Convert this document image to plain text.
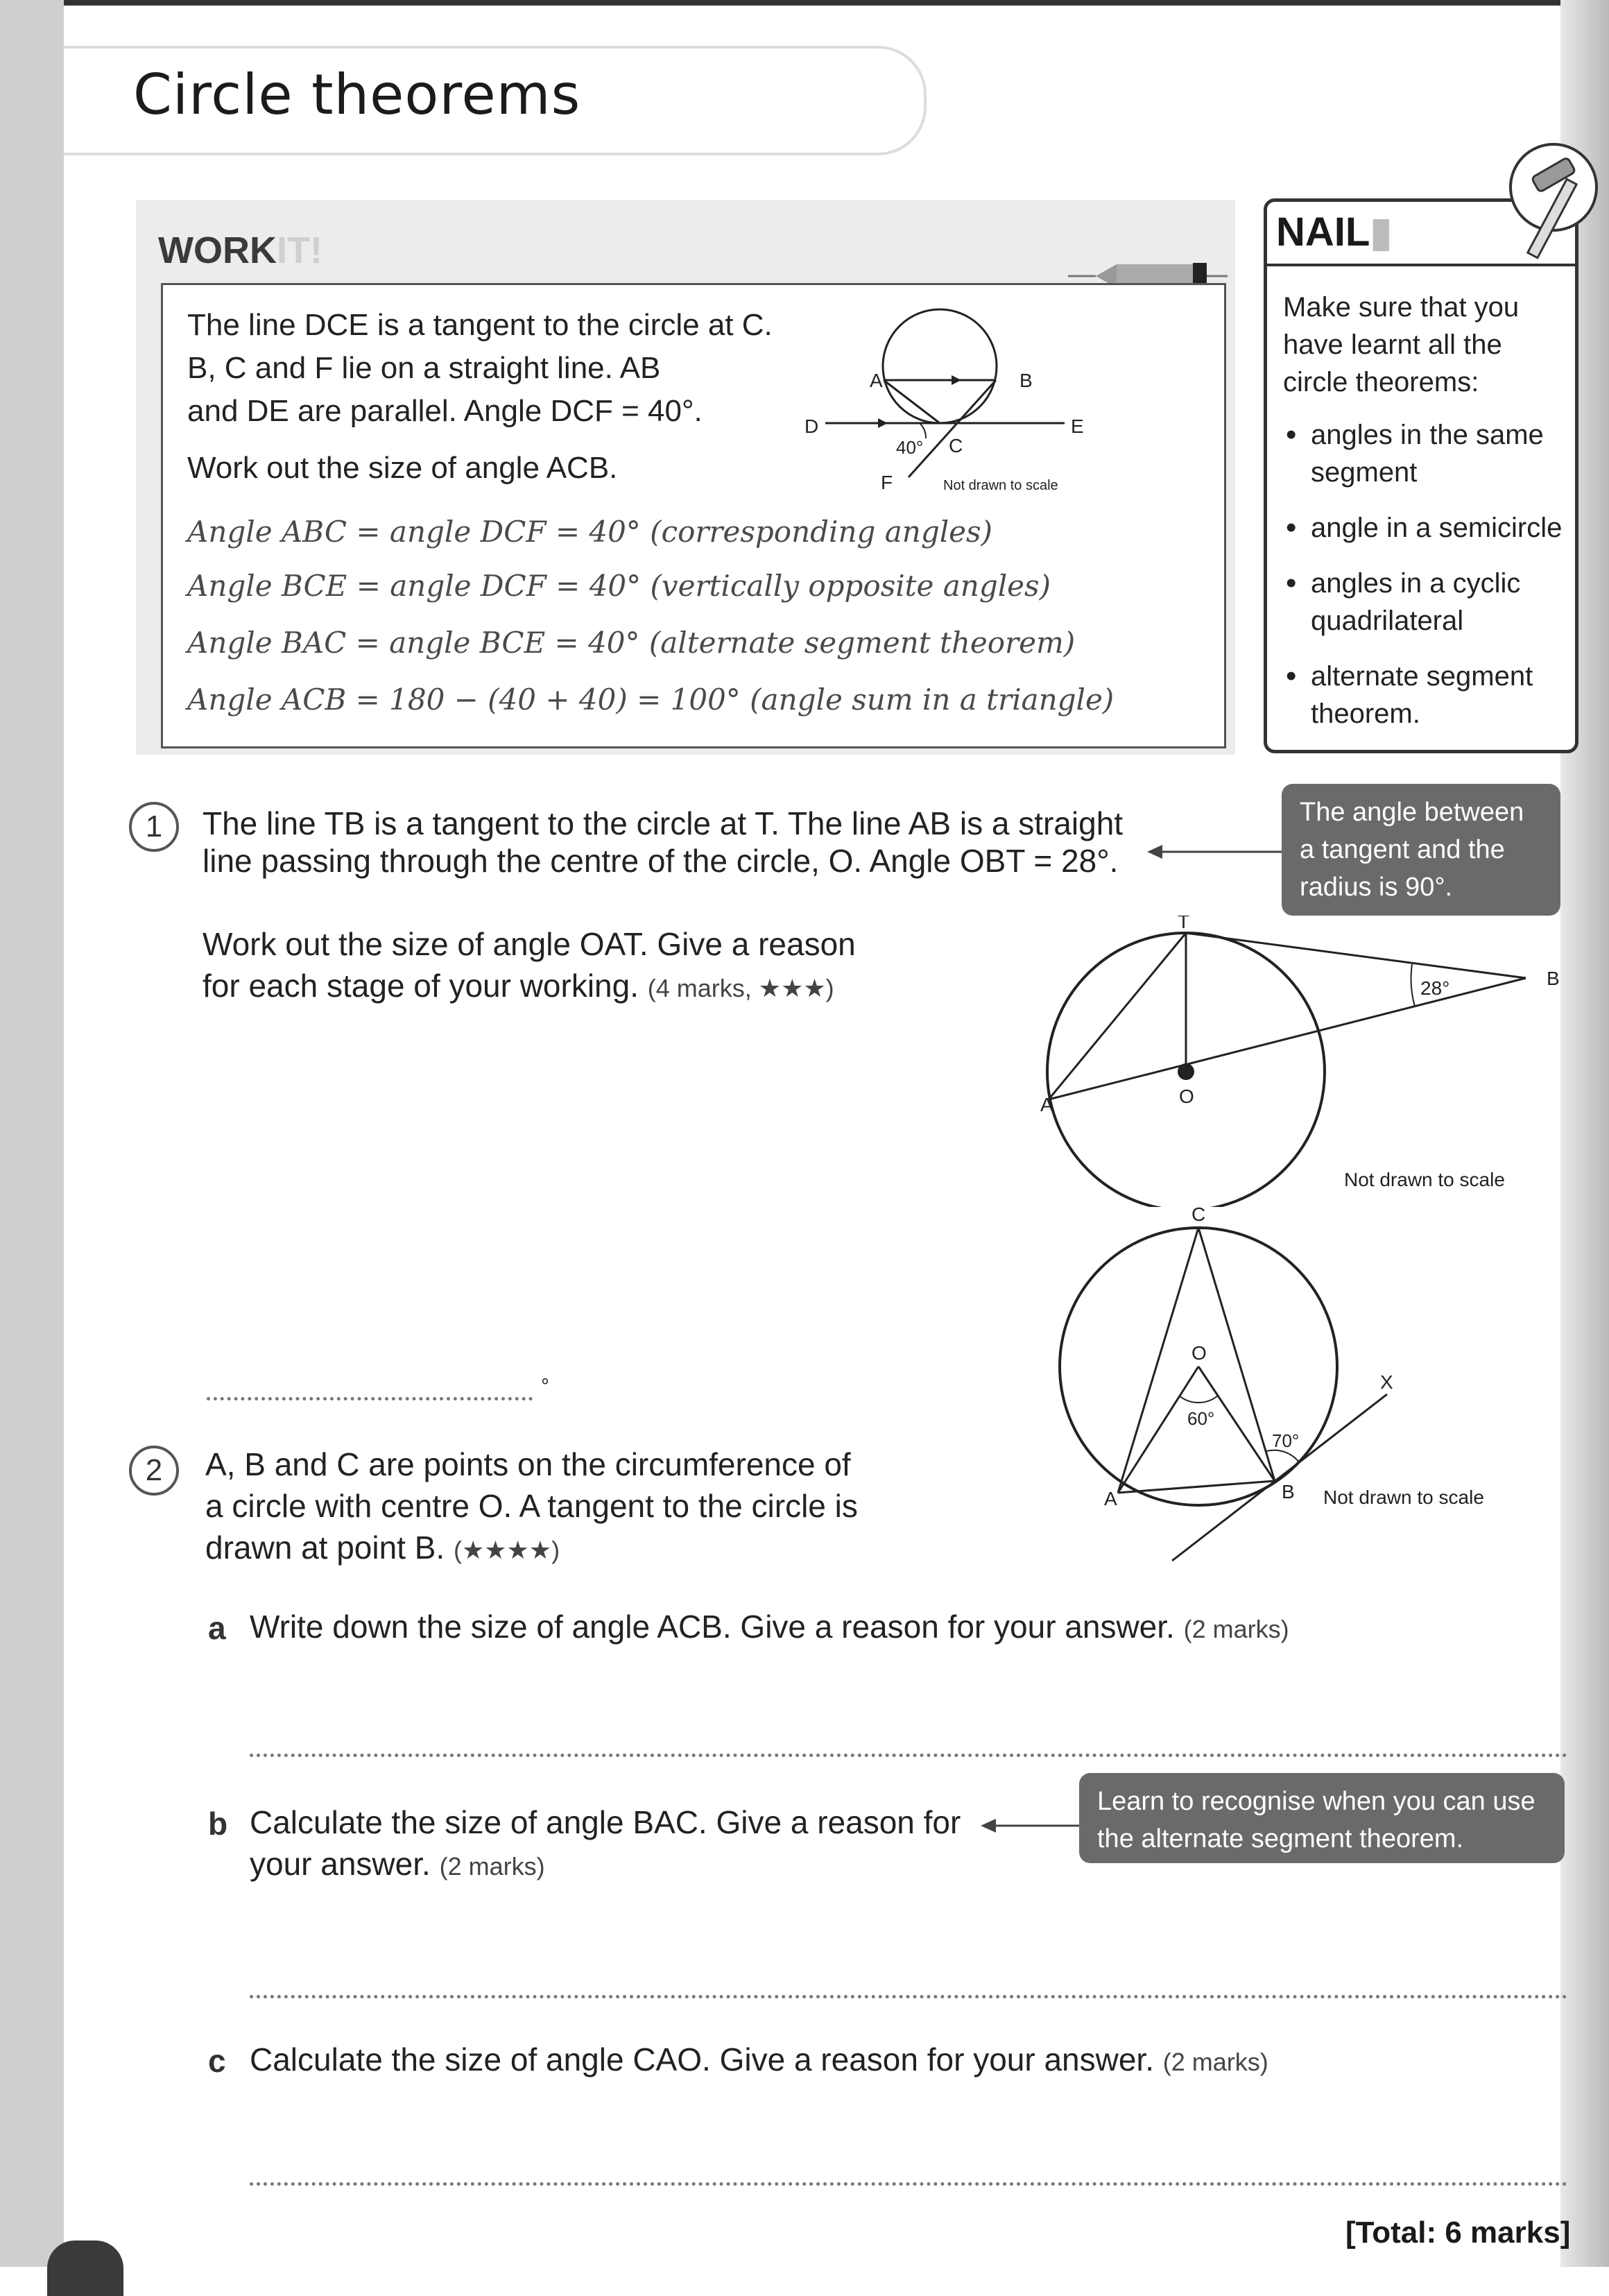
Circle theorems
WORKIT!
The line DCE is a tangent to the circle at C.
B, C and F lie on a straight line. AB
and DE are parallel. Angle DCF = 40°.
Work out the size of angle ACB.
A	B
C
D	E
F
40°
Not drawn to scale
Angle ABC = angle DCF = 40° (corresponding angles)
Angle BCE = angle DCF = 40° (vertically opposite angles)
Angle BAC = angle BCE = 40° (alternate segment theorem)
Angle ACB = 180 − (40 + 40) = 100° (angle sum in a triangle)
NAIL▮
Make sure that you have learnt all the circle theorems:
• angles in the same segment
• angle in a semicircle
• angles in a cyclic quadrilateral
• alternate segment theorem.
1	The line TB is a tangent to the circle at T. The line AB is a straight
line passing through the centre of the circle, O. Angle OBT = 28°.
Work out the size of angle OAT. Give a reason
for each stage of your working. (4 marks, ★★★)
The angle between a tangent and the radius is 90°.
T
B
A	O
28°
Not drawn to scale
°
2	A, B and C are points on the circumference of
a circle with centre O. A tangent to the circle is
drawn at point B. (★★★★)
C
O
A	B
X
60°
70°
Not drawn to scale
a Write down the size of angle ACB. Give a reason for your answer. (2 marks)
b Calculate the size of angle BAC. Give a reason for
your answer. (2 marks)
Learn to recognise when you can use the alternate segment theorem.
c Calculate the size of angle CAO. Give a reason for your answer. (2 marks)
[Total: 6 marks]
